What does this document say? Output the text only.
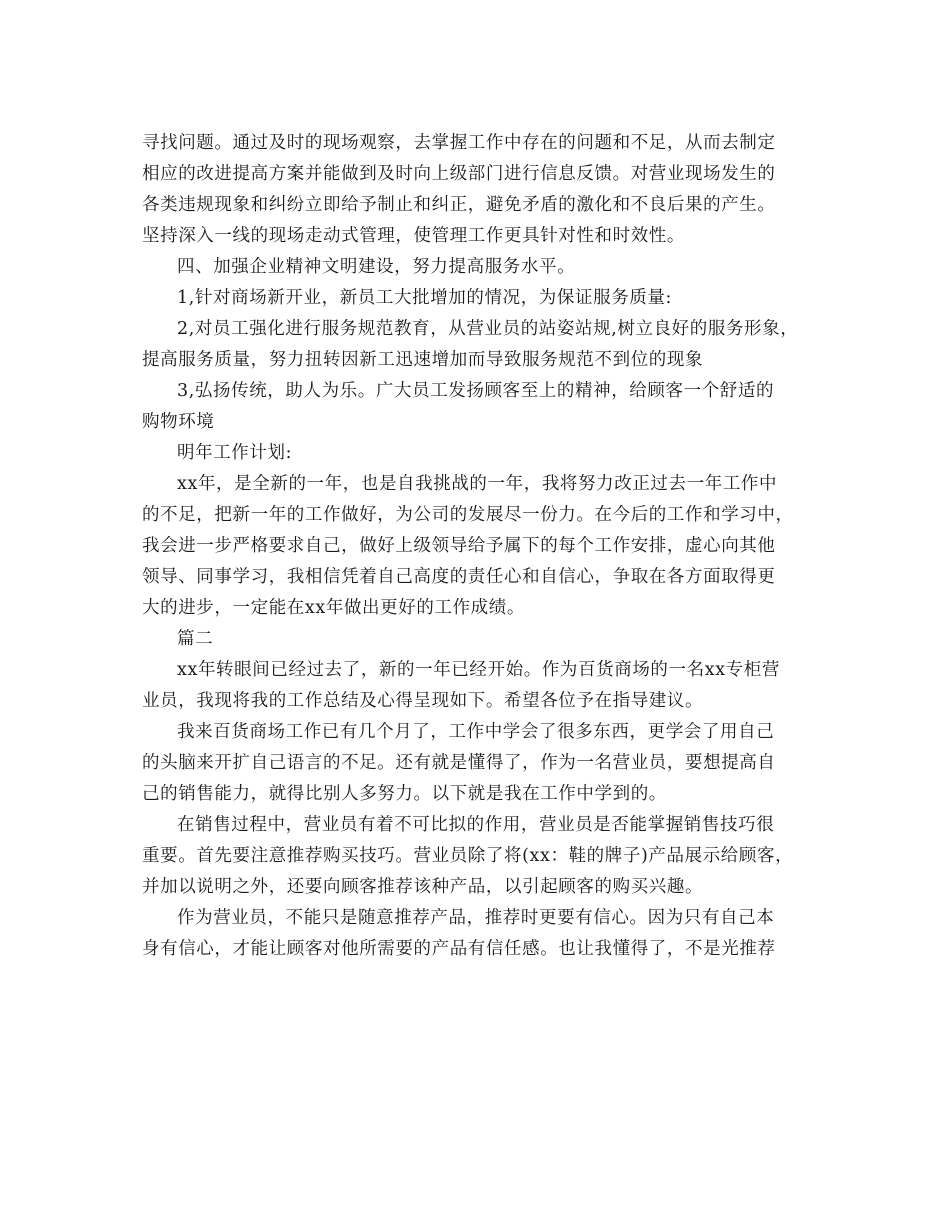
寻找问题。通过及时的现场观察，去掌握工作中存在的问题和不足，从而去制定
相应的改进提高方案并能做到及时向上级部门进行信息反馈。对营业现场发生的
各类违规现象和纠纷立即给予制止和纠正，避免矛盾的激化和不良后果的产生。
坚持深入一线的现场走动式管理，使管理工作更具针对性和时效性。
四、加强企业精神文明建设，努力提高服务水平。
1,针对商场新开业，新员工大批增加的情况，为保证服务质量:
2,对员工强化进行服务规范教育，从营业员的站姿站规,树立良好的服务形象，
提高服务质量，努力扭转因新工迅速增加而导致服务规范不到位的现象
3,弘扬传统，助人为乐。广大员工发扬顾客至上的精神，给顾客一个舒适的
购物环境
明年工作计划:
xx年，是全新的一年，也是自我挑战的一年，我将努力改正过去一年工作中
的不足，把新一年的工作做好，为公司的发展尽一份力。在今后的工作和学习中，
我会进一步严格要求自己，做好上级领导给予属下的每个工作安排，虚心向其他
领导、同事学习，我相信凭着自己高度的责任心和自信心，争取在各方面取得更
大的进步，一定能在xx年做出更好的工作成绩。
篇二
xx年转眼间已经过去了，新的一年已经开始。作为百货商场的一名xx专柜营
业员，我现将我的工作总结及心得呈现如下。希望各位予在指导建议。
我来百货商场工作已有几个月了，工作中学会了很多东西，更学会了用自己
的头脑来开扩自己语言的不足。还有就是懂得了，作为一名营业员，要想提高自
己的销售能力，就得比别人多努力。以下就是我在工作中学到的。
在销售过程中，营业员有着不可比拟的作用，营业员是否能掌握销售技巧很
重要。首先要注意推荐购买技巧。营业员除了将(xx：鞋的牌子)产品展示给顾客，
并加以说明之外，还要向顾客推荐该种产品，以引起顾客的购买兴趣。
作为营业员，不能只是随意推荐产品，推荐时更要有信心。因为只有自己本
身有信心，才能让顾客对他所需要的产品有信任感。也让我懂得了，不是光推荐
